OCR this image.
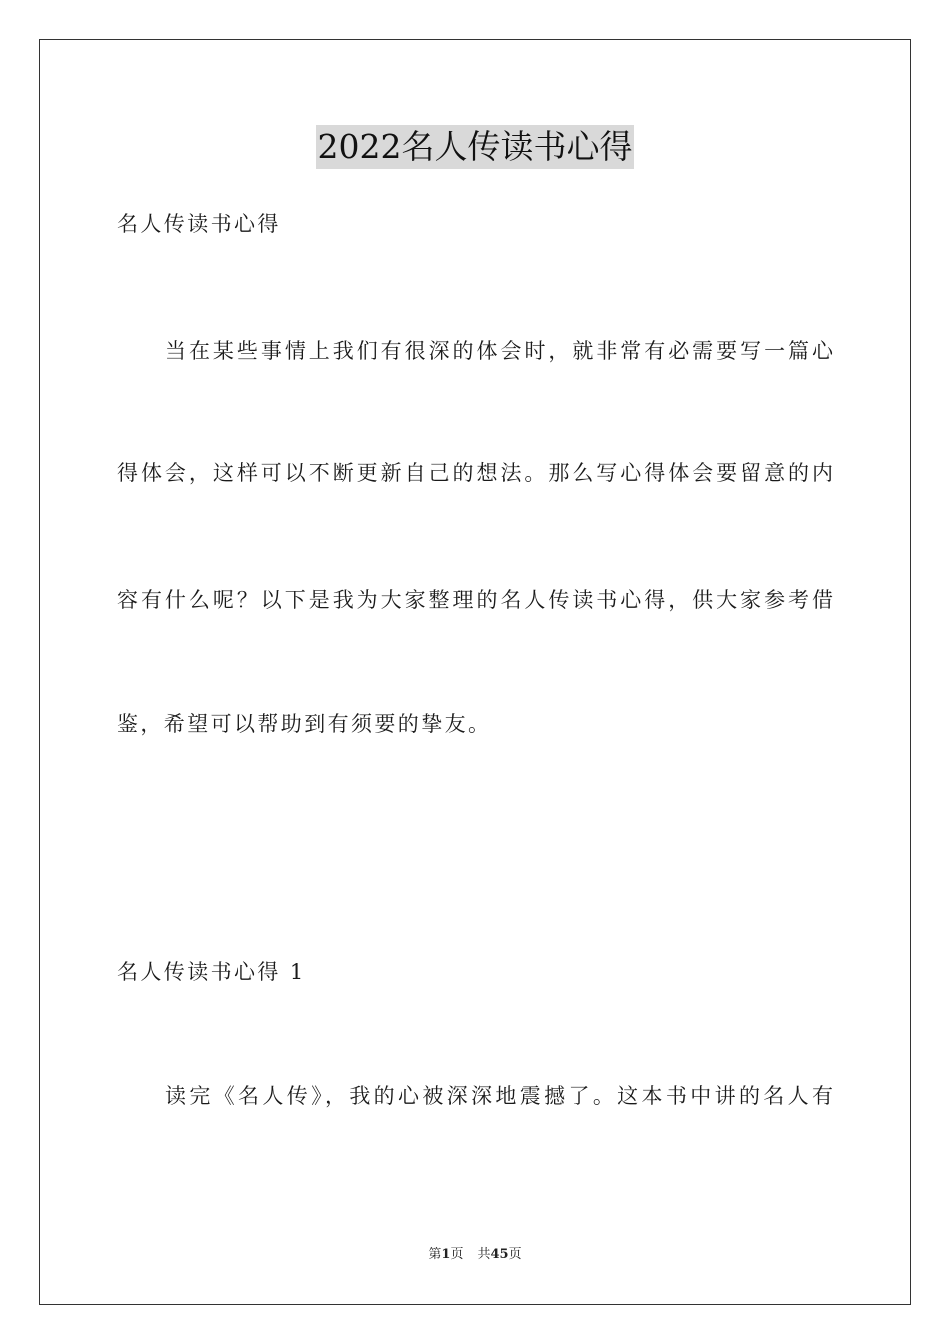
2022名人传读书心得
名人传读书心得
当在某些事情上我们有很深的体会时，就非常有必需要写一篇心
得体会，这样可以不断更新自己的想法。那么写心得体会要留意的内
容有什么呢？以下是我为大家整理的名人传读书心得，供大家参考借
鉴，希望可以帮助到有须要的挚友。
名人传读书心得 1
读完《名人传》，我的心被深深地震撼了。这本书中讲的名人有
第1页 共45页
